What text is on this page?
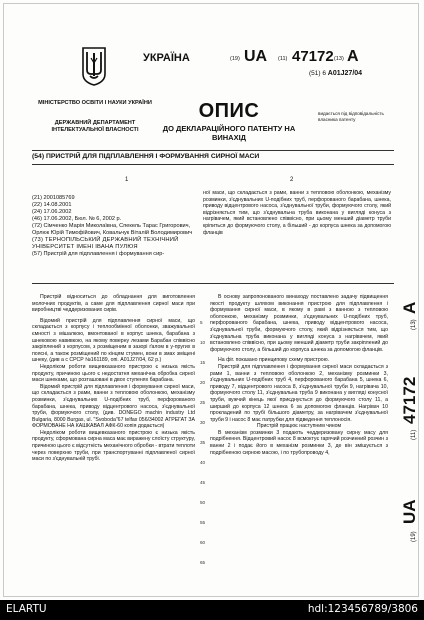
МІНІСТЕРСТВО ОСВІТИ І НАУКИ УКРАЇНИ
ДЕРЖАВНИЙ ДЕПАРТАМЕНТ ІНТЕЛЕКТУАЛЬНОЇ ВЛАСНОСТІ
УКРАЇНА	(19) UA (11) 47172 (13) A
(51) 6 A01J27/04
ОПИС
ДО ДЕКЛАРАЦІЙНОГО ПАТЕНТУ НА ВИНАХІД
видається під відповідальність власника патенту
(54) ПРИСТРІЙ ДЛЯ ПІДПЛАВЛЕННЯ І ФОРМУВАННЯ СИРНОЇ МАСИ
1	2

(21) 2001085769

(22) 14.08.2001

(24) 17.06.2002

(46) 17.06.2002, Бюл. № 6, 2002 р.

(72) Сімченко Марія Миколаївна, Спекель Тарас Григорович, Орлюк Юрій Тимофійович, Ковальчук Віталій Володимирович

(73) ТЕРНОПІЛЬСЬКИЙ ДЕРЖАВНИЙ ТЕХНІЧНИЙ УНІВЕРСИТЕТ ІМЕНІ ІВАНА ПУЛЮЯ

(57) Пристрій для підплавлення і формування сир-

ної маси, що складається з рами, ванни з тепловою оболонкою, механізму розминки, з'єднувальних U-подібних труб, перфорованого барабана, шнека, приводу відцентрового насоса, з'єднувальної труби, формуючого столу, який відрізняється тим, що з'єднувальна труба виконана у вигляді конуса з нагрівачем, який встановлено співвісно, при цьому менший діаметр труби кріпиться до формуючого столу, а більший - до корпуса шнека за допомогою фланців

Пристрій відноситься до обладнання для виготовлення молочних продуктів, а саме для підплавлення сирної маси при виробництві чеддеризованих сирів.

Відомий пристрій для підплавлення сирної маси, що складається з корпусу і теплообмінної оболонки, зважувальної ємності з мішалкою, вмонтованої в корпус шнека, барабана з шнековою навивкою, на якому поверну лезами Барабан співвісно закріплений з корпусом, з розміщеним в зазорі ґалом в у-пругих в поясні, а також розміщений по кінцям стумен, вони в змах зміщені шнеку, (див а с СРСР №161189, опі. А01J27/04, 62 р.)

Недоліком роботи вищевказаного пристрою є низька якість продукту, причиною цього є недостатня механічна обробка сирної маси шнеками, що розташовані в двох ступенях барабана.

Відомий пристрій для підплавлення і формування сирної маси, що складається з рами, ванни з тепловою оболонкою, механізму розминки, з'єднувальних U-подібних труб, перфорованого барабана, шнека, приводу відцентрового насоса, з'єднувальної труби, формуючого столу, (див. DONEGO machin industry Ltd Bulgaria, 8000 Burgas, ul. "Svoboda"67 telfax 056/34002 АГРЕГАТ ЗА ФОРМОВАНЕ НА КАШКАВАЛ АФК-60 копія додається)

Недоліком роботи вищевказаного пристрою є низька якість продукту, сформована сирна маса має виражену слоїсту структуру, причиною цього є відсутність механічного обробки - втрати теплоти через поверхню труби, при транспортуванні підплавленої сирної маси по з'єднувальній трубі.

5
10
15
20
25
30
35
40
45
50
55
60
65

В основу запропонованого винаходу поставлено задачу підвищення якості продукту шляхом виконання пристрою для підплавлення і формування сирної маси, в якому в рамі з ванною з тепловою оболонкою, механізму розминки, з'єднувальних U-подібних труб, перфорованого барабана, шнека, приводу відцентрового насоса, з'єднувальної труби, формуючого столу, який відрізняється тим, що з'єднувальна труба виконана у вигляді конуса з нагрівачем, який встановлено співвісно, при цьому менший діаметр труби закріплений до формуючого столу, а більший до корпуса шнека за допомогою фланців.

На фіг. показано принципову схему пристрою.

Пристрій для підплавлення і формування сирної маси складається з рами 1, ванни з тепловою оболонкою 2, механізму розминки 3, з'єднувальних U-подібних труб 4, перфорованого барабана 5, шнека 6, приводу 7, відцентрового насоса 8, з'єднувальної труби 9, нагрівача 10, формуючого столу 11, з'єднувальна труба 9 виконана у вигляді конусної труби, вужчий кінець якої приєднується до формуючого столу 11, а ширший до корпуса 12 шнека 6 за допомогою фланців. Нагрівач 10 прокладений по трубі більшого діаметру, за нагрівачем з'єднувальної труби 9 і насос 8 має патрубки для підведення теплоносія.

Пристрій працює наступним чином

В механізм розминки 3 подають чеддеризовану сирну масу для подрібнення. Відцентровий насос 8 всмоктує гарячий розчинний розчин з ванни 2 і подає його в механізм розминки 3, де він змішується з подрібненою сирною масою, і по трубопроводу 4,

(19)
UA
(11)
47172
(13)
A
ELARTU	hdl:123456789/3806
